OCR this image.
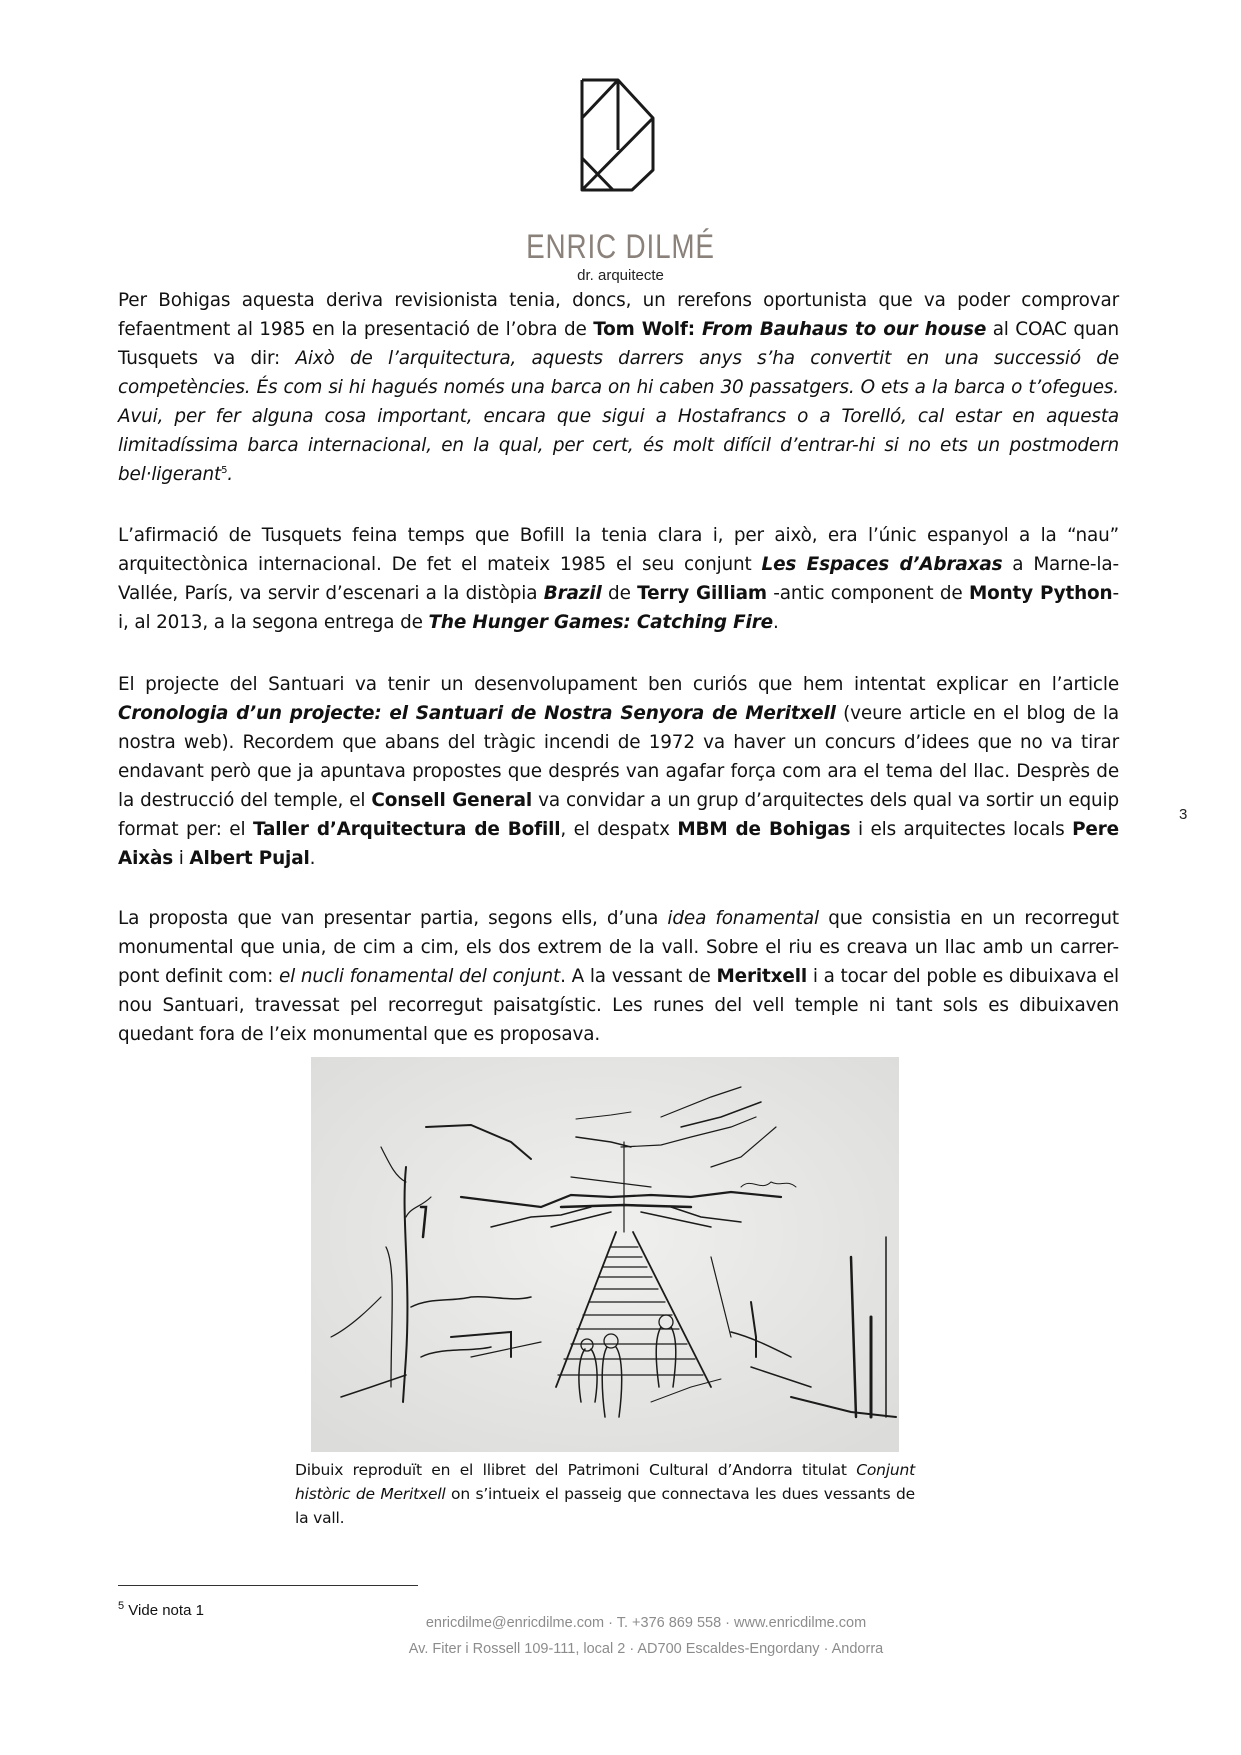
ENRIC DILMÉ
dr. arquitecte
Per Bohigas aquesta deriva revisionista tenia, doncs, un rerefons oportunista que va poder comprovar fefaentment al 1985 en la presentació de l’obra de Tom Wolf: From Bauhaus to our house al COAC quan Tusquets va dir: Això de l’arquitectura, aquests darrers anys s’ha convertit en una successió de competències. És com si hi hagués només una barca on hi caben 30 passatgers. O ets a la barca o t’ofegues. Avui, per fer alguna cosa important, encara que sigui a Hostafrancs o a Torelló, cal estar en aquesta limitadíssima barca internacional, en la qual, per cert, és molt difícil d’entrar-hi si no ets un postmodern bel·ligerant$^5$.
L’afirmació de Tusquets feina temps que Bofill la tenia clara i, per això, era l’únic espanyol a la “nau” arquitectònica internacional. De fet el mateix 1985 el seu conjunt Les Espaces d’Abraxas a Marne-la-Vallée, París, va servir d’escenari a la distòpia Brazil de Terry Gilliam -antic component de Monty Python- i, al 2013, a la segona entrega de The Hunger Games: Catching Fire.
El projecte del Santuari va tenir un desenvolupament ben curiós que hem intentat explicar en l’article Cronologia d’un projecte: el Santuari de Nostra Senyora de Meritxell (veure article en el blog de la nostra web). Recordem que abans del tràgic incendi de 1972 va haver un concurs d’idees que no va tirar endavant però que ja apuntava propostes que després van agafar força com ara el tema del llac. Desprès de la destrucció del temple, el Consell General va convidar a un grup d’arquitectes dels qual va sortir un equip format per: el Taller d’Arquitectura de Bofill, el despatx MBM de Bohigas i els arquitectes locals Pere Aixàs i Albert Pujal.
La proposta que van presentar partia, segons ells, d’una idea fonamental que consistia en un recorregut monumental que unia, de cim a cim, els dos extrem de la vall. Sobre el riu es creava un llac amb un carrer-pont definit com: el nucli fonamental del conjunt. A la vessant de Meritxell i a tocar del poble es dibuixava el nou Santuari, travessat pel recorregut paisatgístic. Les runes del vell temple ni tant sols es dibuixaven quedant fora de l’eix monumental que es proposava.
3
Dibuix reproduït en el llibret del Patrimoni Cultural d’Andorra titulat Conjunt històric de Meritxell on s’intueix el passeig que connectava les dues vessants de la vall.
$^5$ Vide nota 1
enricdilme@enricdilme.com · T. +376 869 558 · www.enricdilme.com
Av. Fiter i Rossell 109-111, local 2 · AD700 Escaldes-Engordany · Andorra
